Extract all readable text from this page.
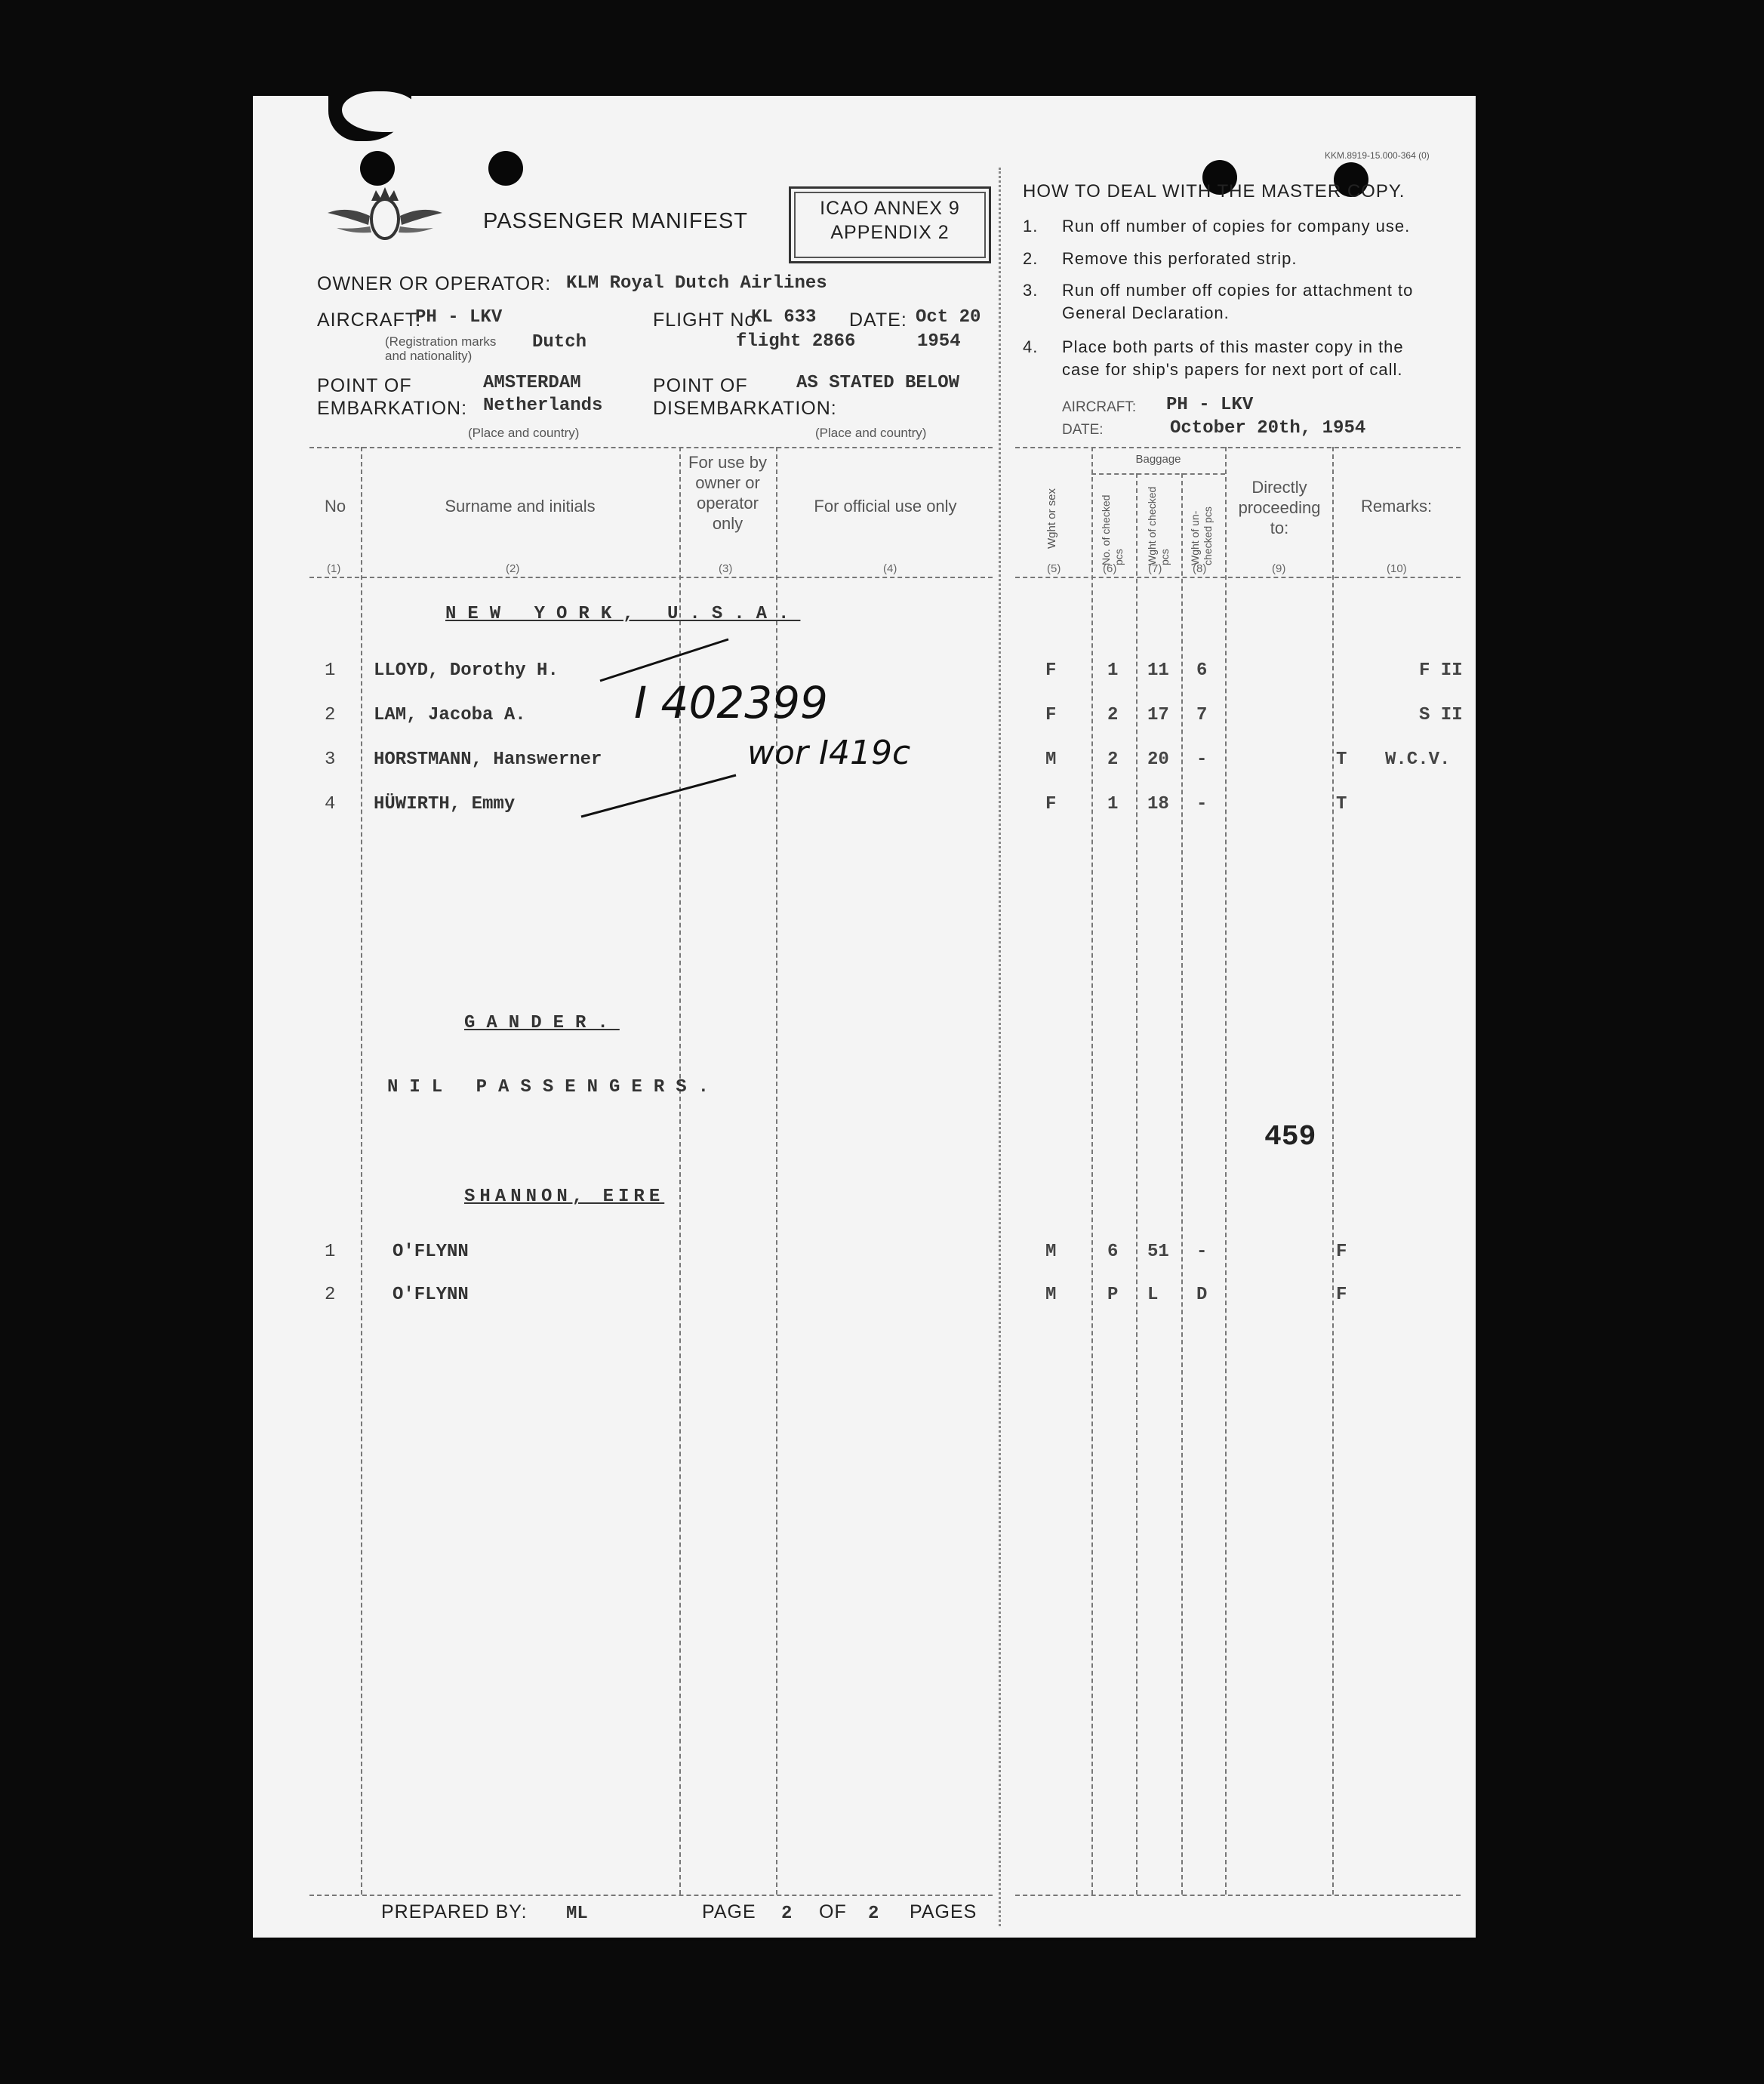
KKM.8919-15.000-364 (0)
PASSENGER MANIFEST
ICAO ANNEX 9
APPENDIX 2
OWNER OR OPERATOR: KLM Royal Dutch Airlines
AIRCRAFT:
PH - LKV
(Registration marks
and nationality)
Dutch
FLIGHT No
KL 633 DATE: Oct 20
flight 2866	1954
POINT OF
EMBARKATION:
AMSTERDAM
Netherlands
(Place and country)
POINT OF
DISEMBARKATION:
AS STATED BELOW
(Place and country)
HOW TO DEAL WITH THE MASTER COPY.
1. Run off number of copies for company use.
2. Remove this perforated strip.
3. Run off number off copies for attachment to
General Declaration.
4. Place both parts of this master copy in the
case for ship's papers for next port of call.
AIRCRAFT: PH - LKV
DATE:	October 20th, 1954
No	Surname and initials
For use by owner or operator only
For official use only	Wght or sex
Baggage
No. of checked pcs Wght of checked pcs Wght of un-checked pcs
Directly proceeding to:
Remarks:
(1)	(2)	(3)	(4)	(5)	(6)	(7)	(8)	(9)	(10)
NEW YORK, U.S.A.
1 LLOYD, Dorothy H.	F	1 11 6	F II
2 LAM, Jacoba A.	F	2 17 7	S II
3 HORSTMANN, Hanswerner	M	2 20 -	T W.C.V.
4 HÜWIRTH, Emmy	F	1 18 -	T
I 402399
wor I419c
GANDER.
NIL PASSENGERS.
459
SHANNON, EIRE
1	O'FLYNN	M	6 51 -	F
2	O'FLYNN	M	P L D	F
PREPARED BY: ML	PAGE 2 OF 2 PAGES
